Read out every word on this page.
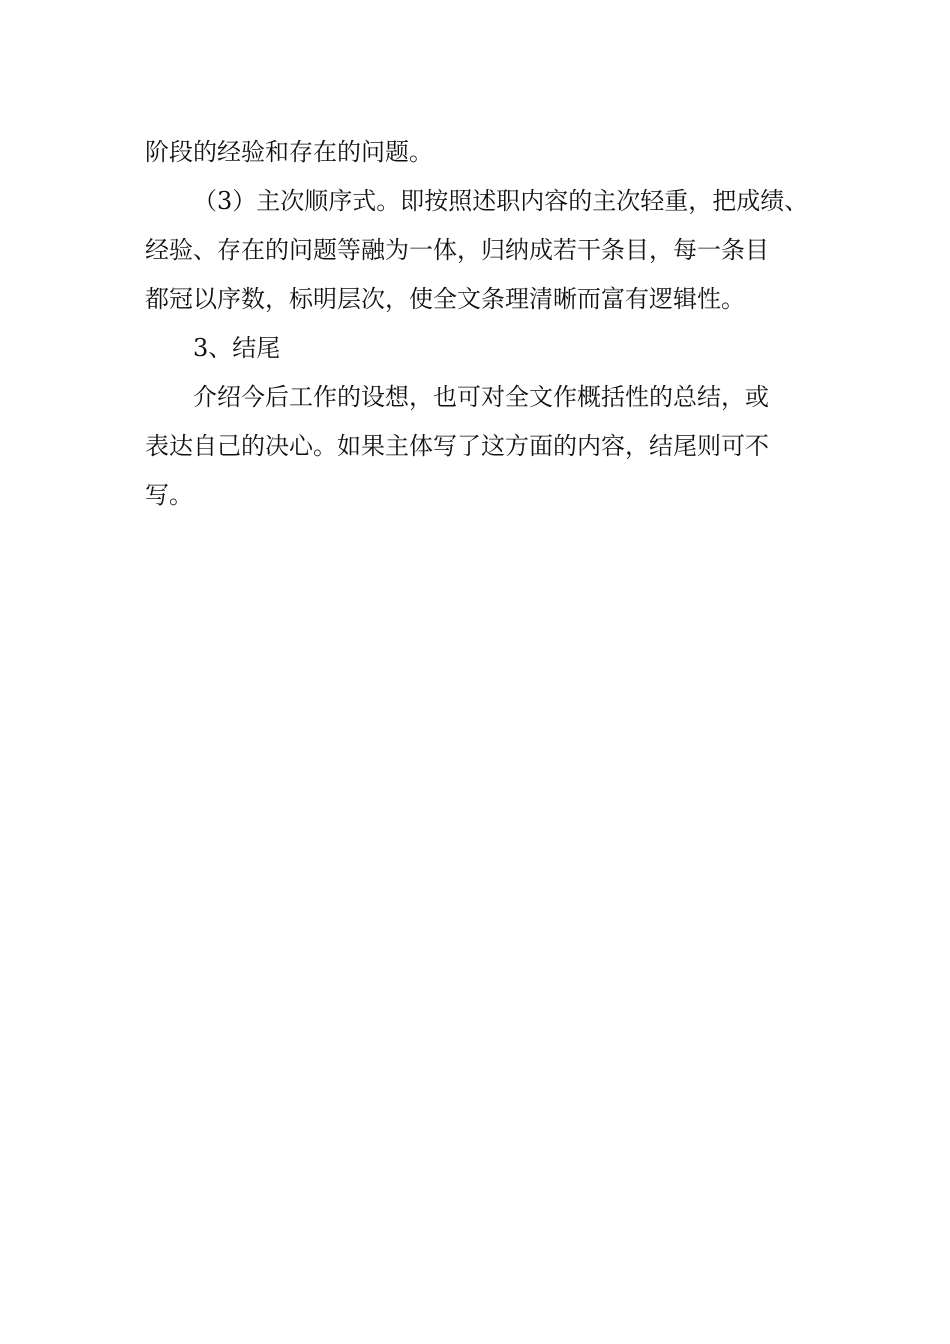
阶段的经验和存在的问题。
（3）主次顺序式。即按照述职内容的主次轻重，把成绩、
经验、存在的问题等融为一体，归纳成若干条目，每一条目
都冠以序数，标明层次，使全文条理清晰而富有逻辑性。
3、结尾
介绍今后工作的设想，也可对全文作概括性的总结，或
表达自己的决心。如果主体写了这方面的内容，结尾则可不
写。
